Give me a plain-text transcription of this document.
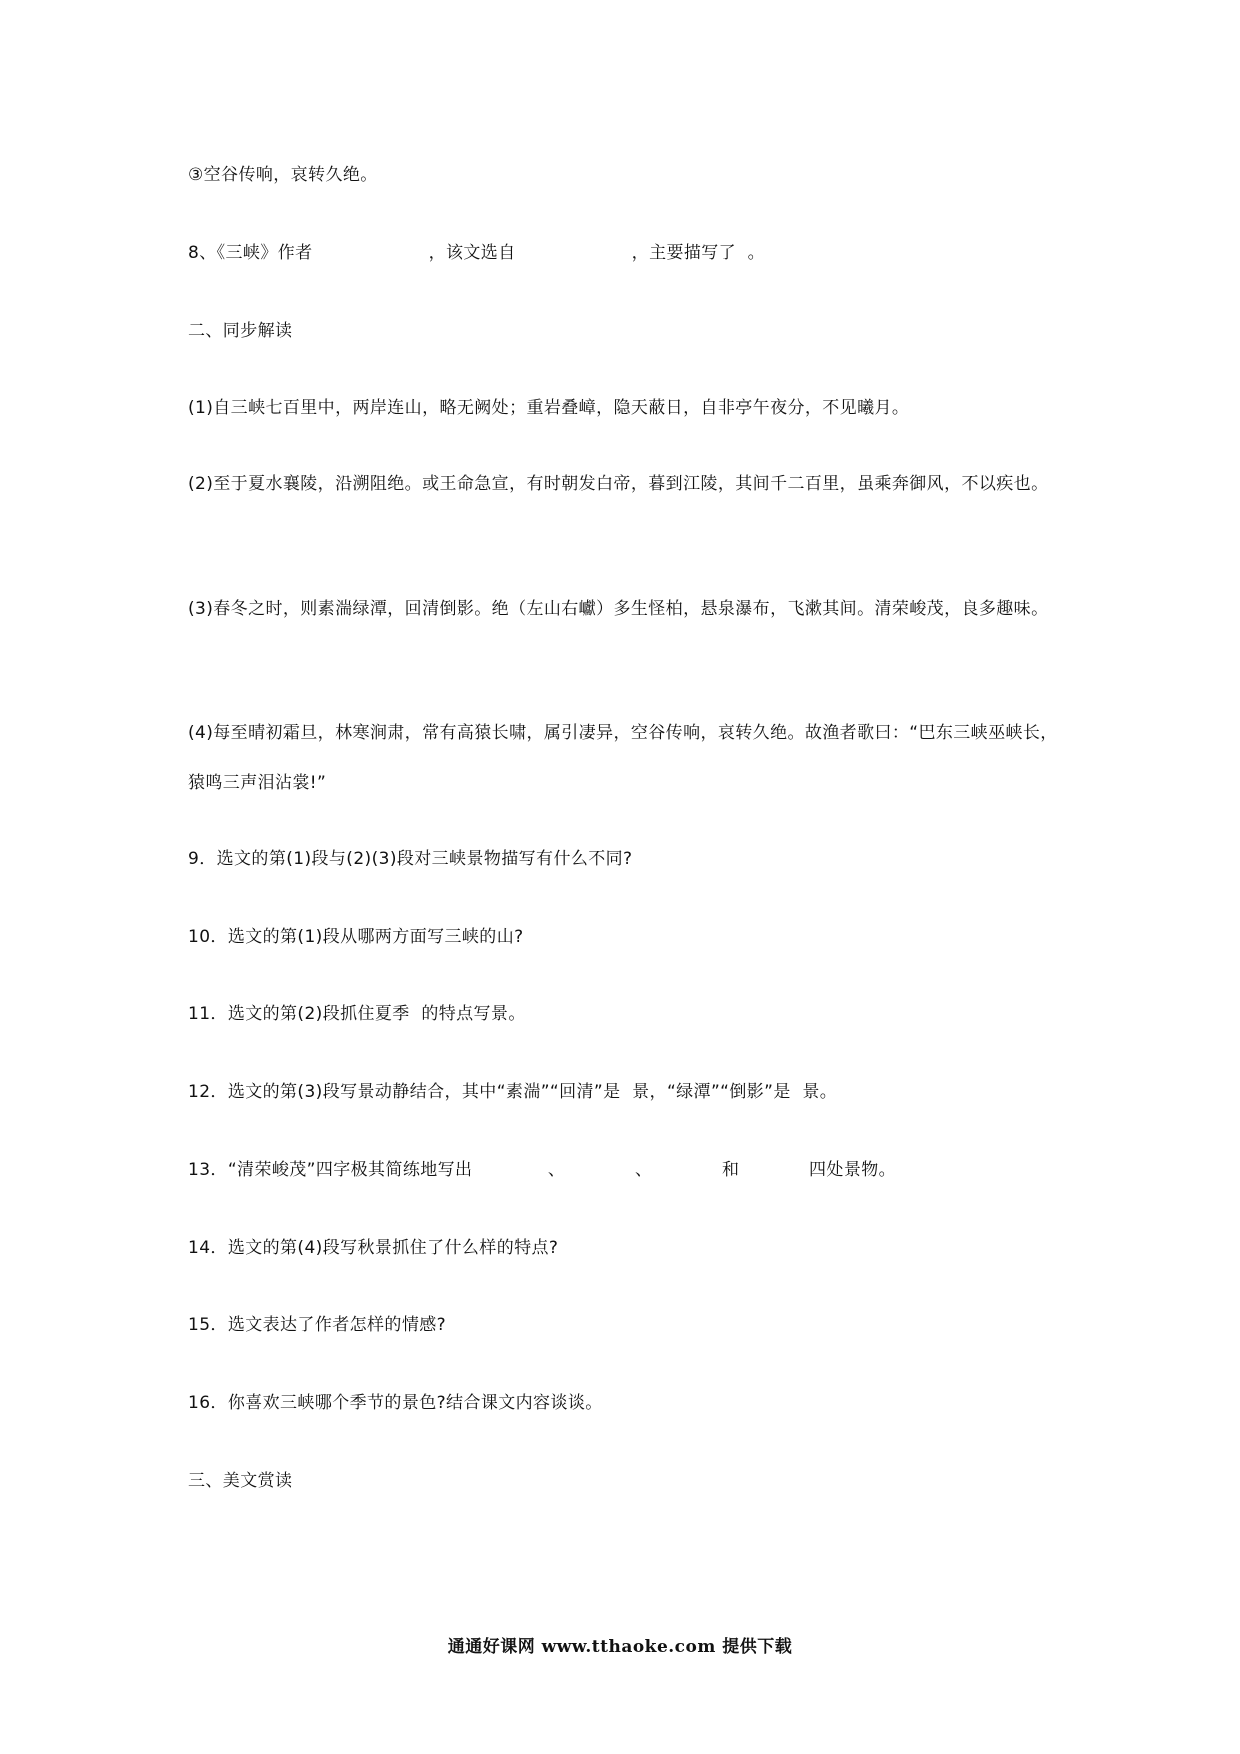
③空谷传响，哀转久绝。
8、《三峡》作者                    ，该文选自                    ，主要描写了  。
二、同步解读
(1)自三峡七百里中，两岸连山，略无阙处；重岩叠嶂，隐天蔽日，自非亭午夜分，不见曦月。
(2)至于夏水襄陵，沿溯阻绝。或王命急宣，有时朝发白帝，暮到江陵，其间千二百里，虽乘奔御风，不以疾也。
(3)春冬之时，则素湍绿潭，回清倒影。绝（左山右巘）多生怪柏，悬泉瀑布，飞漱其间。清荣峻茂，良多趣味。
(4)每至晴初霜旦，林寒涧肃，常有高猿长啸，属引凄异，空谷传响，哀转久绝。故渔者歌曰：“巴东三峡巫峡长，猿鸣三声泪沾裳!”
9．选文的第(1)段与(2)(3)段对三峡景物描写有什么不同?
10．选文的第(1)段从哪两方面写三峡的山?
11．选文的第(2)段抓住夏季  的特点写景。
12．选文的第(3)段写景动静结合，其中“素湍”“回清”是  景，“绿潭”“倒影”是  景。
13．“清荣峻茂”四字极其简练地写出             、            、            和            四处景物。
14．选文的第(4)段写秋景抓住了什么样的特点?
15．选文表达了作者怎样的情感?
16．你喜欢三峡哪个季节的景色?结合课文内容谈谈。
三、美文赏读
通通好课网 www.tthaoke.com 提供下载
